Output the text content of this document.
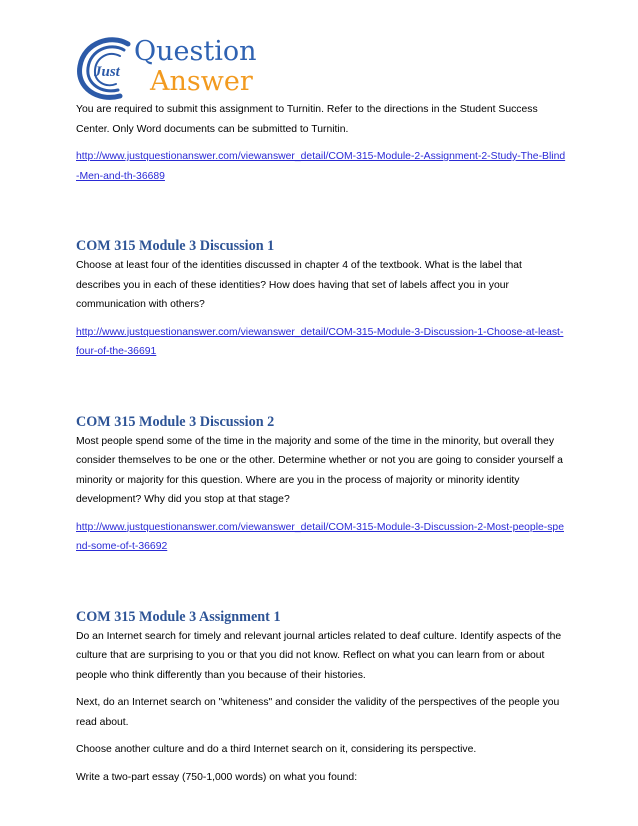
Just
Question
Answer

You are required to submit this assignment to Turnitin. Refer to the directions in the Student Success Center. Only Word documents can be submitted to Turnitin.

http://www.justquestionanswer.com/viewanswer_detail/COM-315-Module-2-Assignment-2-Study-The-Blind-Men-and-th-36689
COM 315 Module 3 Discussion 1

Choose at least four of the identities discussed in chapter 4 of the textbook. What is the label that describes you in each of these identities? How does having that set of labels affect you in your communication with others?

http://www.justquestionanswer.com/viewanswer_detail/COM-315-Module-3-Discussion-1-Choose-at-least-four-of-the-36691
COM 315 Module 3 Discussion 2

Most people spend some of the time in the majority and some of the time in the minority, but overall they consider themselves to be one or the other. Determine whether or not you are going to consider yourself a minority or majority for this question. Where are you in the process of majority or minority identity development? Why did you stop at that stage?

http://www.justquestionanswer.com/viewanswer_detail/COM-315-Module-3-Discussion-2-Most-people-spend-some-of-t-36692
COM 315 Module 3 Assignment 1

Do an Internet search for timely and relevant journal articles related to deaf culture. Identify aspects of the culture that are surprising to you or that you did not know. Reflect on what you can learn from or about people who think differently than you because of their histories.

Next, do an Internet search on "whiteness" and consider the validity of the perspectives of the people you read about.

Choose another culture and do a third Internet search on it, considering its perspective.

Write a two-part essay (750-1,000 words) on what you found:
